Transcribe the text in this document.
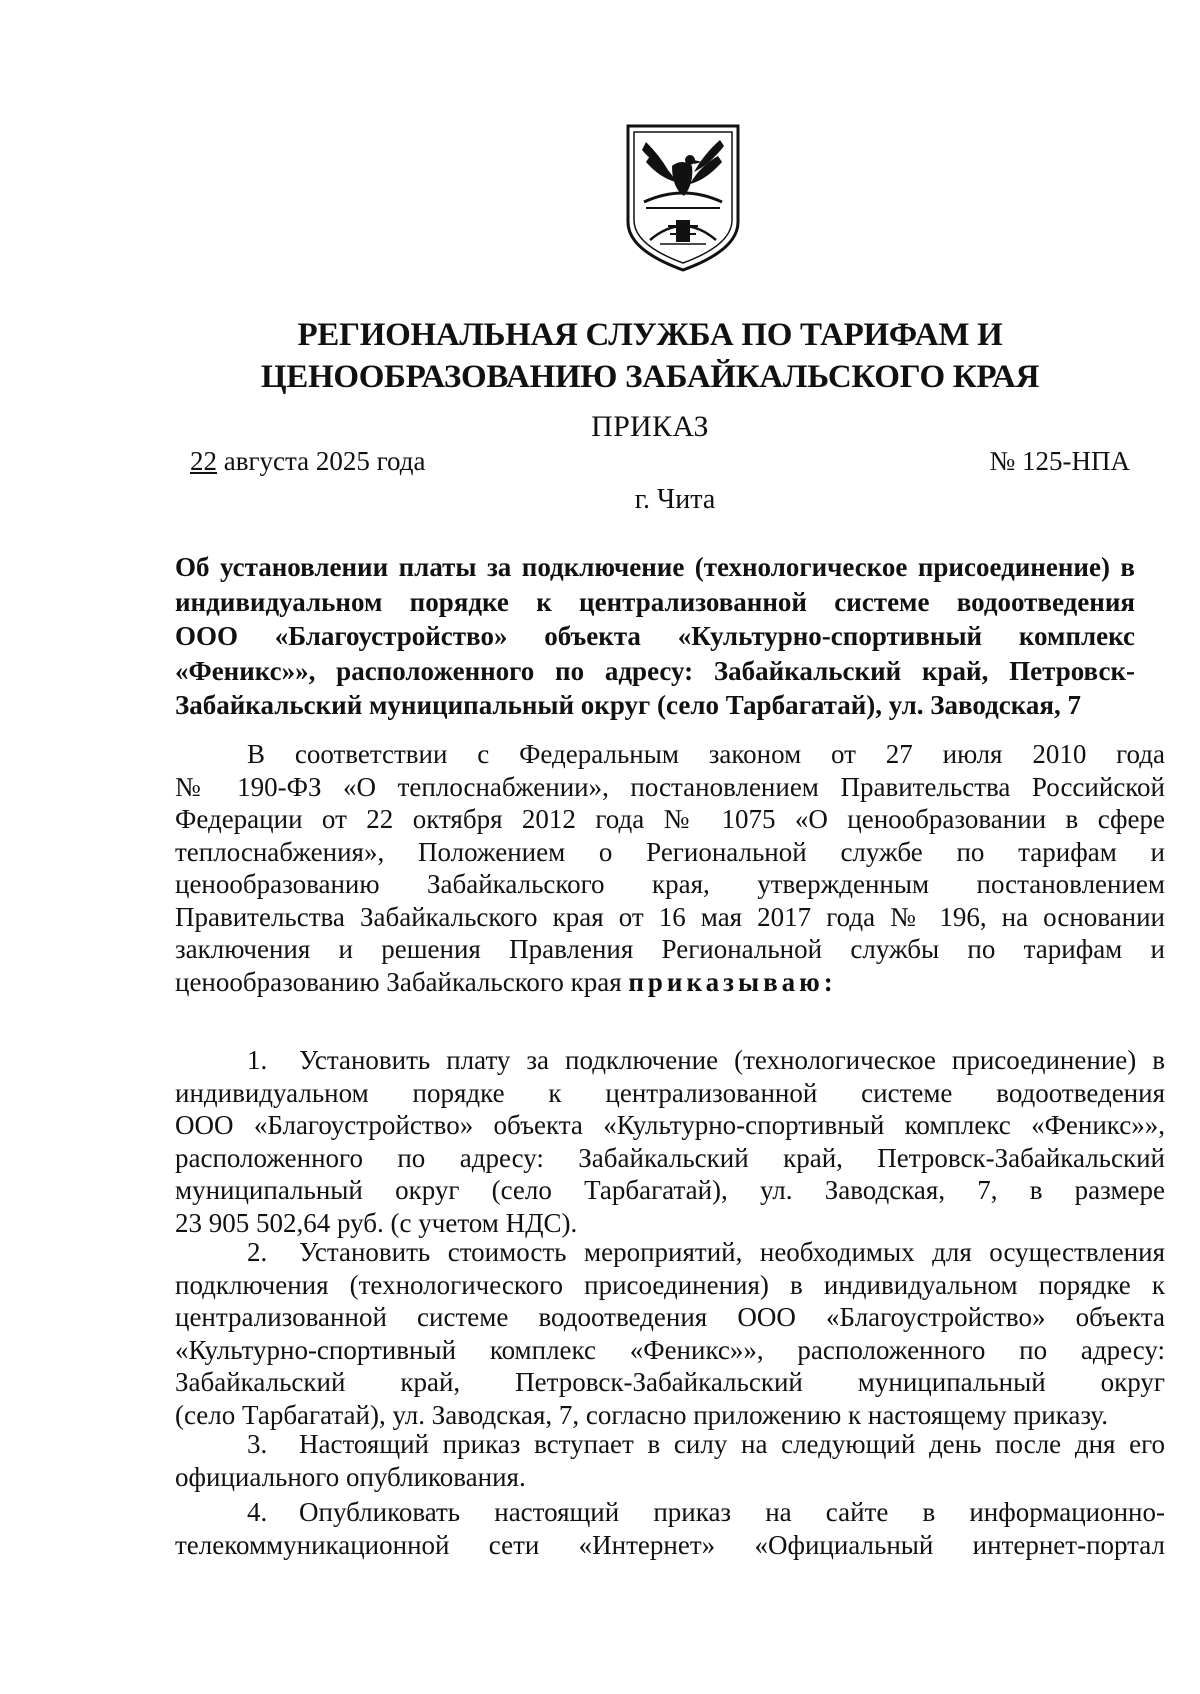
РЕГИОНАЛЬНАЯ СЛУЖБА ПО ТАРИФАМ И
ЦЕНООБРАЗОВАНИЮ ЗАБАЙКАЛЬСКОГО КРАЯ
ПРИКАЗ
22 августа 2025 года	№ 125-НПА
г. Чита
Об установлении платы за подключение (технологическое присоединение) в
индивидуальном порядке к централизованной системе водоотведения
ООО «Благоустройство» объекта «Культурно-спортивный комплекс
«Феникс»», расположенного по адресу: Забайкальский край, Петровск-
Забайкальский муниципальный округ (село Тарбагатай), ул. Заводская, 7
В соответствии с Федеральным законом от 27 июля 2010 года
№ 190-ФЗ «О теплоснабжении», постановлением Правительства Российской
Федерации от 22 октября 2012 года № 1075 «О ценообразовании в сфере
теплоснабжения», Положением о Региональной службе по тарифам и
ценообразованию Забайкальского края, утвержденным постановлением
Правительства Забайкальского края от 16 мая 2017 года № 196, на основании
заключения и решения Правления Региональной службы по тарифам и
ценообразованию Забайкальского края приказываю:
1. Установить плату за подключение (технологическое присоединение) в
индивидуальном порядке к централизованной системе водоотведения
ООО «Благоустройство» объекта «Культурно-спортивный комплекс «Феникс»»,
расположенного по адресу: Забайкальский край, Петровск-Забайкальский
муниципальный округ (село Тарбагатай), ул. Заводская, 7, в размере
23 905 502,64 руб. (с учетом НДС).
2. Установить стоимость мероприятий, необходимых для осуществления
подключения (технологического присоединения) в индивидуальном порядке к
централизованной системе водоотведения ООО «Благоустройство» объекта
«Культурно-спортивный комплекс «Феникс»», расположенного по адресу:
Забайкальский край, Петровск-Забайкальский муниципальный округ
(село Тарбагатай), ул. Заводская, 7, согласно приложению к настоящему приказу.
3. Настоящий приказ вступает в силу на следующий день после дня его
официального опубликования.
4. Опубликовать настоящий приказ на сайте в информационно-
телекоммуникационной сети «Интернет» «Официальный интернет-портал
